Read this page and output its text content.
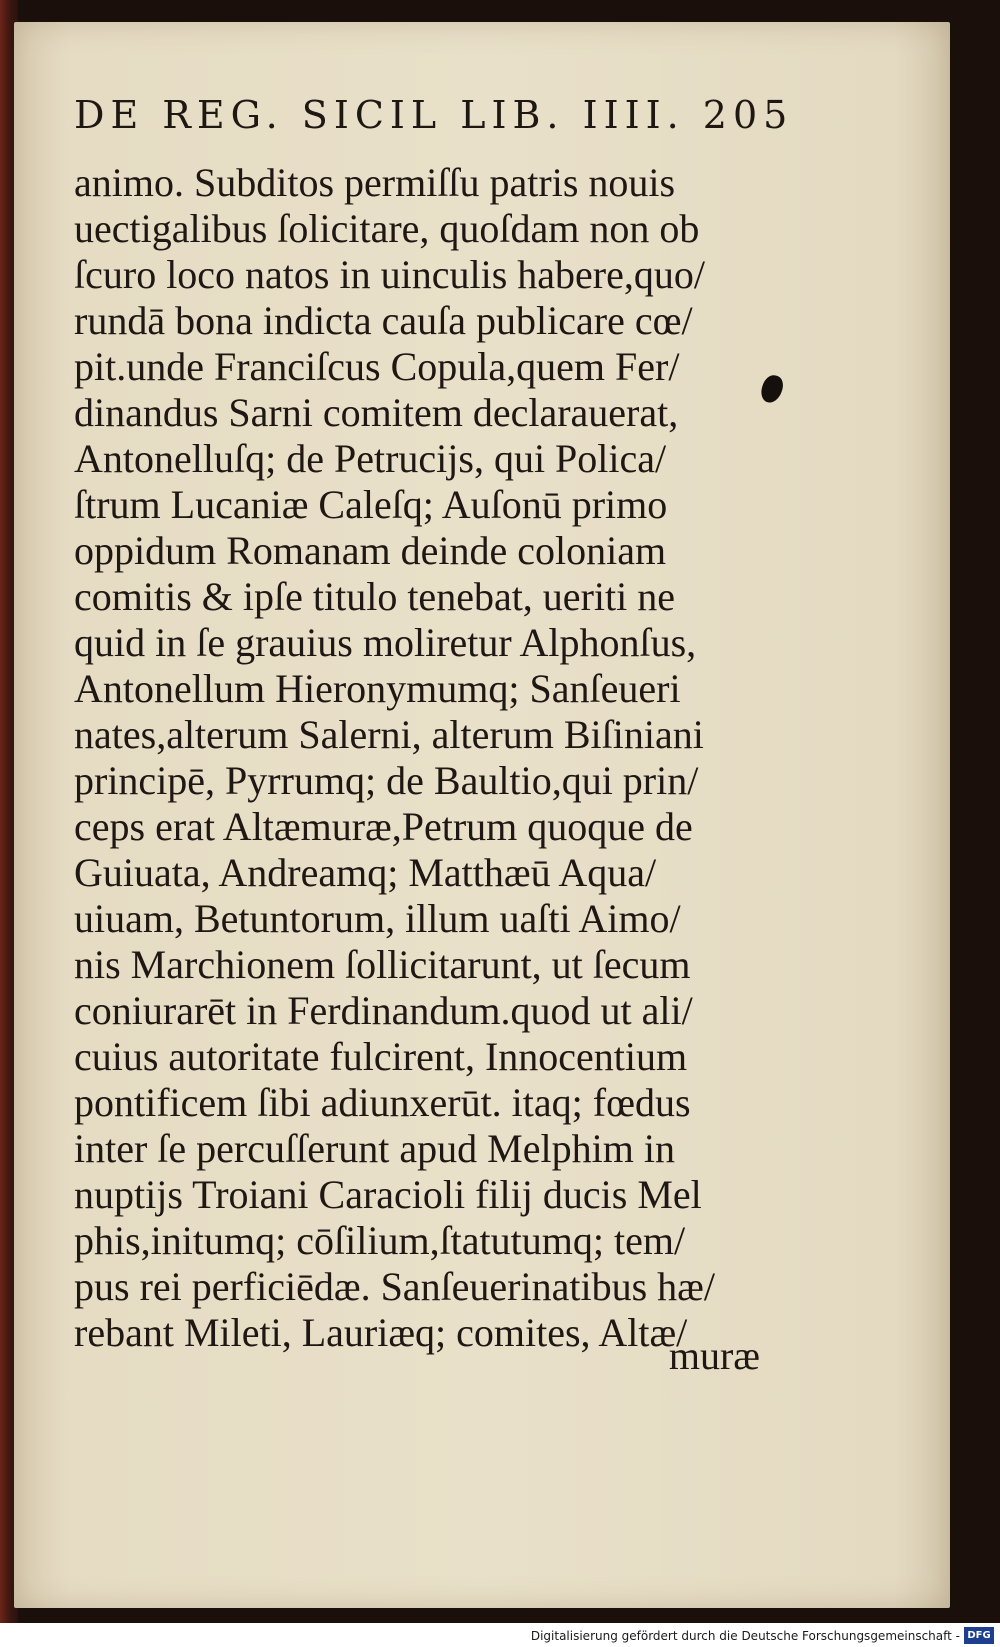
DE REG. SICIL LIB. IIII. 205
animo. Subditos permiſſu patris nouis
uectigalibus ſolicitare, quoſdam non ob
ſcuro loco natos in uinculis habere,quo/
rundā bona indicta cauſa publicare cœ/
pit.unde Franciſcus Copula,quem Fer/
dinandus Sarni comitem declarauerat,
Antonelluſq; de Petrucijs, qui Polica/
ſtrum Lucaniæ Caleſq; Auſonū primo
oppidum Romanam deinde coloniam
comitis & ipſe titulo tenebat, ueriti ne
quid in ſe grauius moliretur Alphonſus,
Antonellum Hieronymumq; Sanſeueri
nates,alterum Salerni, alterum Biſiniani
principē, Pyrrumq; de Baultio,qui prin/
ceps erat Altæmuræ,Petrum quoque de
Guiuata, Andreamq; Matthæū Aqua/
uiuam, Betuntorum, illum uaſti Aimo/
nis Marchionem ſollicitarunt, ut ſecum
coniurarēt in Ferdinandum.quod ut ali/
cuius autoritate fulcirent, Innocentium
pontificem ſibi adiunxerūt. itaq; fœdus
inter ſe percuſſerunt apud Melphim in
nuptijs Troiani Caracioli filij ducis Mel
phis,initumq; cōſilium,ſtatutumq; tem/
pus rei perficiēdæ. Sanſeuerinatibus hæ/
rebant Mileti, Lauriæq; comites, Altæ/
muræ
Digitalisierung gefördert durch die Deutsche Forschungsgemeinschaft - DFG
